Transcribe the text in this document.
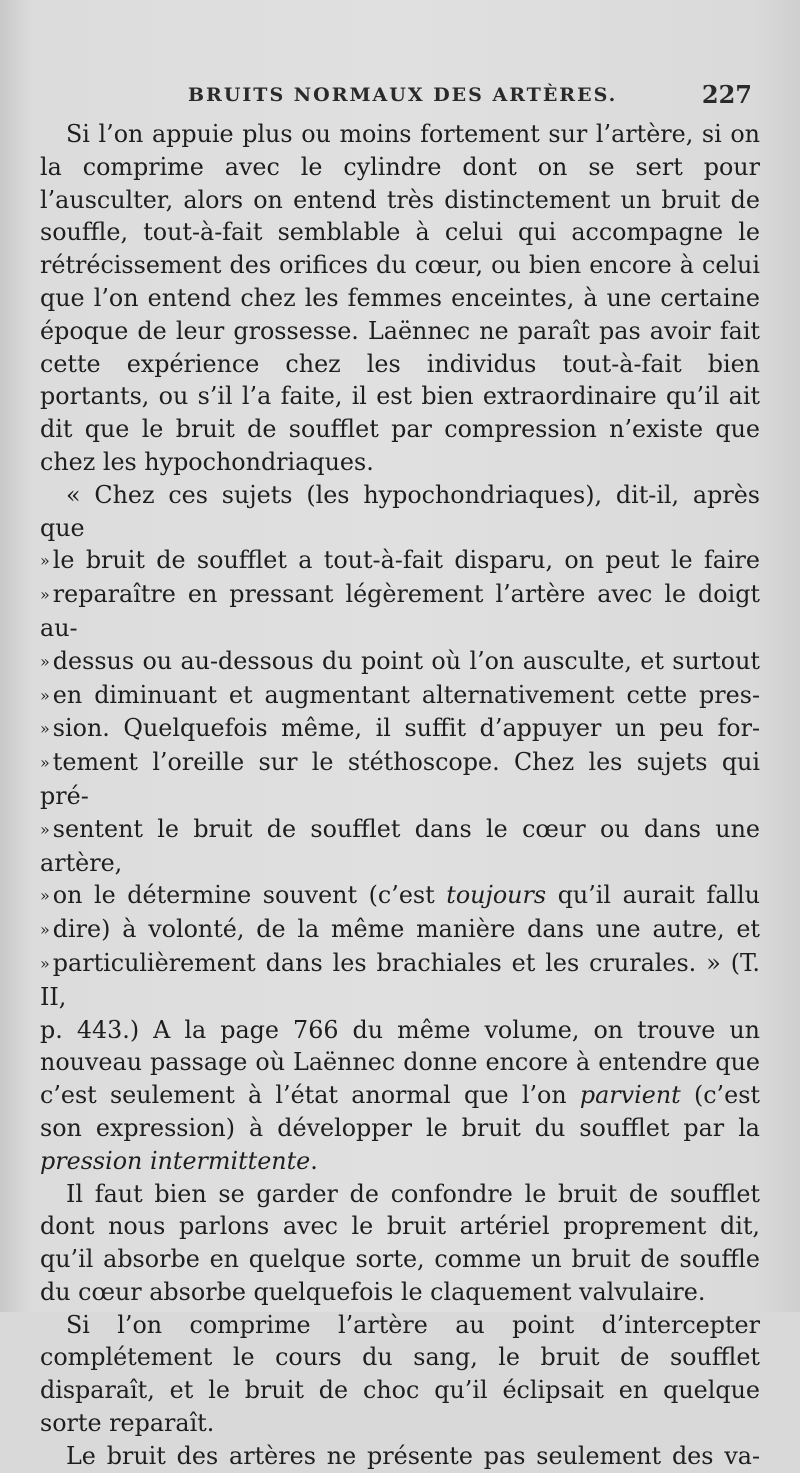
BRUITS NORMAUX DES ARTÈRES.	227

Si l’on appuie plus ou moins fortement sur l’artère, si on la comprime avec le cylindre dont on se sert pour l’ausculter, alors on entend très distinctement un bruit de souffle, tout-à-fait semblable à celui qui accompagne le rétrécissement des orifices du cœur, ou bien encore à celui que l’on entend chez les femmes enceintes, à une certaine époque de leur grossesse. Laënnec ne paraît pas avoir fait cette expérience chez les individus tout-à-fait bien portants, ou s’il l’a faite, il est bien extraordinaire qu’il ait dit que le bruit de soufflet par compression n’existe que chez les hypochondriaques.

« Chez ces sujets (les hypochondriaques), dit-il, après que
» le bruit de soufflet a tout-à-fait disparu, on peut le faire
» reparaître en pressant légèrement l’artère avec le doigt au-
» dessus ou au-dessous du point où l’on ausculte, et surtout
» en diminuant et augmentant alternativement cette pres-
» sion. Quelquefois même, il suffit d’appuyer un peu for-
» tement l’oreille sur le stéthoscope. Chez les sujets qui pré-
» sentent le bruit de soufflet dans le cœur ou dans une artère,
» on le détermine souvent (c’est toujours qu’il aurait fallu
» dire) à volonté, de la même manière dans une autre, et
» particulièrement dans les brachiales et les crurales. » (T. II,

p. 443.) A la page 766 du même volume, on trouve un nouveau passage où Laënnec donne encore à entendre que c’est seulement à l’état anormal que l’on parvient (c’est son expression) à développer le bruit du soufflet par la pression intermittente.

Il faut bien se garder de confondre le bruit de soufflet dont nous parlons avec le bruit artériel proprement dit, qu’il absorbe en quelque sorte, comme un bruit de souffle du cœur absorbe quelquefois le claquement valvulaire.

Si l’on comprime l’artère au point d’intercepter complétement le cours du sang, le bruit de soufflet disparaît, et le bruit de choc qu’il éclipsait en quelque sorte reparaît.

Le bruit des artères ne présente pas seulement des va-
